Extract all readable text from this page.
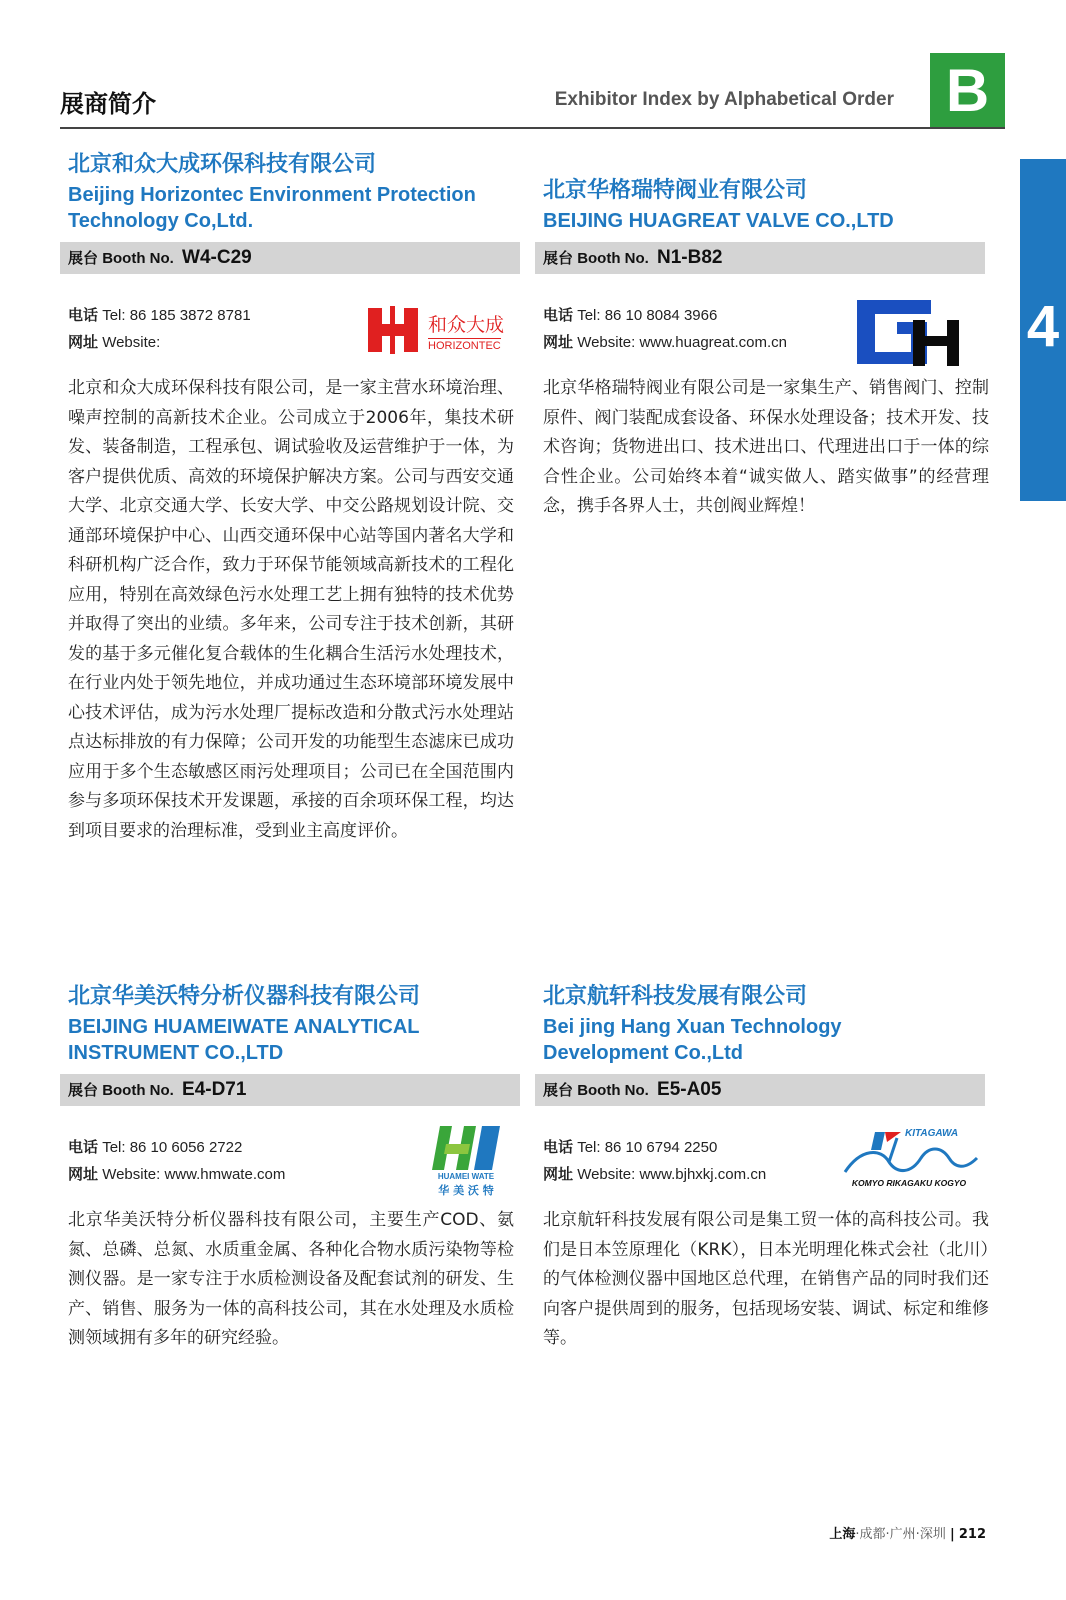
展商简介	Exhibitor Index by Alphabetical Order B
4
北京和众大成环保科技有限公司
Beijing Horizontec Environment Protection
Technology Co,Ltd.
展台 Booth No. W4-C29
电话 Tel: 86 185 3872 8781
网址 Website:
和众大成
HORIZONTEC
北京和众大成环保科技有限公司，是一家主营水环境治理、噪声控制的高新技术企业。公司成立于2006年，集技术研发、装备制造，工程承包、调试验收及运营维护于一体，为客户提供优质、高效的环境保护解决方案。公司与西安交通大学、北京交通大学、长安大学、中交公路规划设计院、交通部环境保护中心、山西交通环保中心站等国内著名大学和科研机构广泛合作，致力于环保节能领域高新技术的工程化应用，特别在高效绿色污水处理工艺上拥有独特的技术优势并取得了突出的业绩。多年来，公司专注于技术创新，其研发的基于多元催化复合载体的生化耦合生活污水处理技术，在行业内处于领先地位，并成功通过生态环境部环境发展中心技术评估，成为污水处理厂提标改造和分散式污水处理站点达标排放的有力保障；公司开发的功能型生态滤床已成功应用于多个生态敏感区雨污处理项目；公司已在全国范围内参与多项环保技术开发课题，承接的百余项环保工程，均达到项目要求的治理标准，受到业主高度评价。
北京华格瑞特阀业有限公司
BEIJING HUAGREAT VALVE CO.,LTD
展台 Booth No. N1-B82
电话 Tel: 86 10 8084 3966
网址 Website: www.huagreat.com.cn
北京华格瑞特阀业有限公司是一家集生产、销售阀门、控制原件、阀门装配成套设备、环保水处理设备；技术开发、技术咨询；货物进出口、技术进出口、代理进出口于一体的综合性企业。公司始终本着“诚实做人、踏实做事”的经营理念，携手各界人士，共创阀业辉煌！
北京华美沃特分析仪器科技有限公司
BEIJING HUAMEIWATE ANALYTICAL
INSTRUMENT CO.,LTD
展台 Booth No. E4-D71
电话 Tel: 86 10 6056 2722
网址 Website: www.hmwate.com	HUAMEI WATE
华 美 沃 特
北京华美沃特分析仪器科技有限公司，主要生产COD、氨氮、总磷、总氮、水质重金属、各种化合物水质污染物等检测仪器。是一家专注于水质检测设备及配套试剂的研发、生产、销售、服务为一体的高科技公司，其在水处理及水质检测领域拥有多年的研究经验。
北京航轩科技发展有限公司
Bei jing Hang Xuan Technology
Development Co.,Ltd
展台 Booth No. E5-A05
电话 Tel: 86 10 6794 2250
网址 Website: www.bjhxkj.com.cn
KITAGAWA
KOMYO RIKAGAKU KOGYO
北京航轩科技发展有限公司是集工贸一体的高科技公司。我们是日本笠原理化（KRK），日本光明理化株式会社（北川）的气体检测仪器中国地区总代理，在销售产品的同时我们还向客户提供周到的服务，包括现场安装、调试、标定和维修等。
上海·成都·广州·深圳 | 212
